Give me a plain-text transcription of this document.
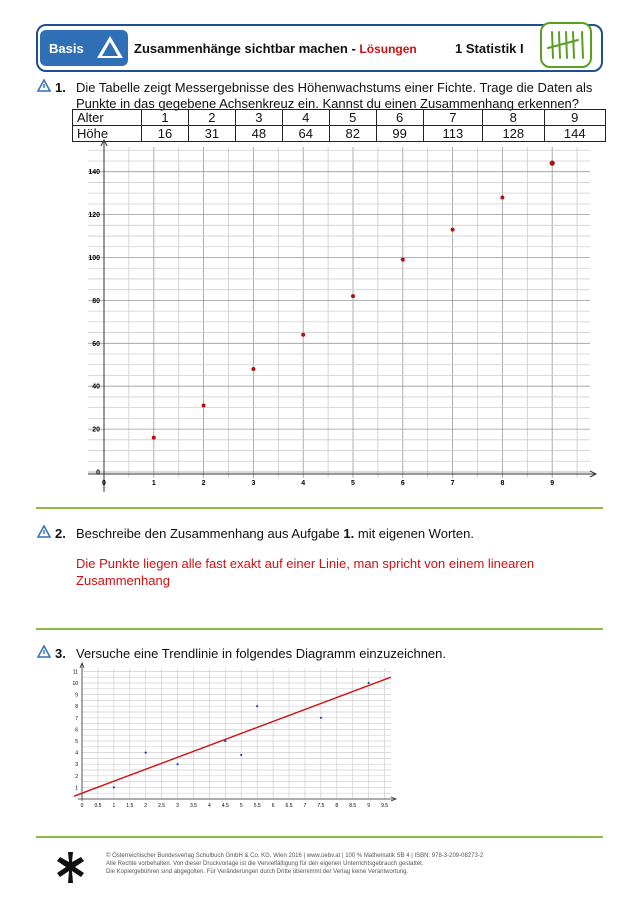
Basis	Zusammenhänge sichtbar machen - Lösungen	1 Statistik I
1. Die Tabelle zeigt Messergebnisse des Höhenwachstums einer Fichte. Trage die Daten als Punkte in das gegebene Achsenkreuz ein. Kannst du einen Zusammenhang erkennen?
Alter	1	2	3	4	5	6	7	8	9
Höhe	16	31	48	64	82	99	113	128	144
0	1	2	3	4	5	6	7	8	9
0
20
40
60
80
100
120
140
2. Beschreibe den Zusammenhang aus Aufgabe 1. mit eigenen Worten.
Die Punkte liegen alle fast exakt auf einer Linie, man spricht von einem linearen Zusammenhang
3. Versuche eine Trendlinie in folgendes Diagramm einzuzeichnen.
0 0.5 1 1.5 2 2.5 3 3.5 4 4.5 5 5.5 6 6.5 7 7.5 8 8.5 9 9.5
1
2
3
4
5
6
7
8
9
10
11
© Österreichischer Bundesverlag Schulbuch GmbH & Co. KG, Wien 2016 | www.oebv.at | 100 % Mathematik SB 4 | ISBN: 978-3-209-08273-2
Alle Rechte vorbehalten. Von dieser Druckvorlage ist die Vervielfältigung für den eigenen Unterrichtsgebrauch gestattet.
Die Kopiergebühren sind abgegolten. Für Veränderungen durch Dritte übernimmt der Verlag keine Verantwortung.
